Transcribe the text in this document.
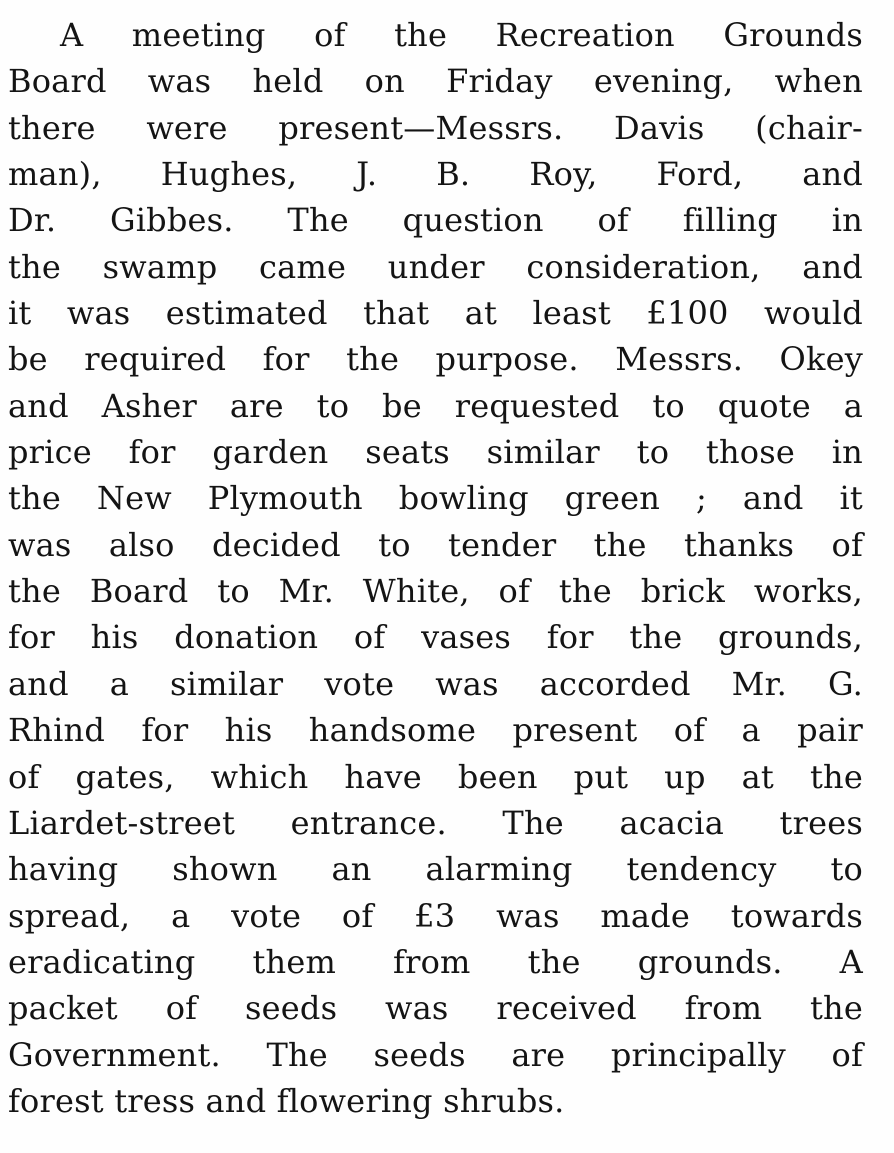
A meeting of the Recreation Grounds
Board was held on Friday evening, when
there were present—Messrs. Davis (chair-
man), Hughes, J. B. Roy, Ford, and
Dr. Gibbes. The question of filling in
the swamp came under consideration, and
it was estimated that at least £100 would
be required for the purpose. Messrs. Okey
and Asher are to be requested to quote a
price for garden seats similar to those in
the New Plymouth bowling green ; and it
was also decided to tender the thanks of
the Board to Mr. White, of the brick works,
for his donation of vases for the grounds,
and a similar vote was accorded Mr. G.
Rhind for his handsome present of a pair
of gates, which have been put up at the
Liardet-street entrance. The acacia trees
having shown an alarming tendency to
spread, a vote of £3 was made towards
eradicating them from the grounds. A
packet of seeds was received from the
Government. The seeds are principally of
forest tress and flowering shrubs.
